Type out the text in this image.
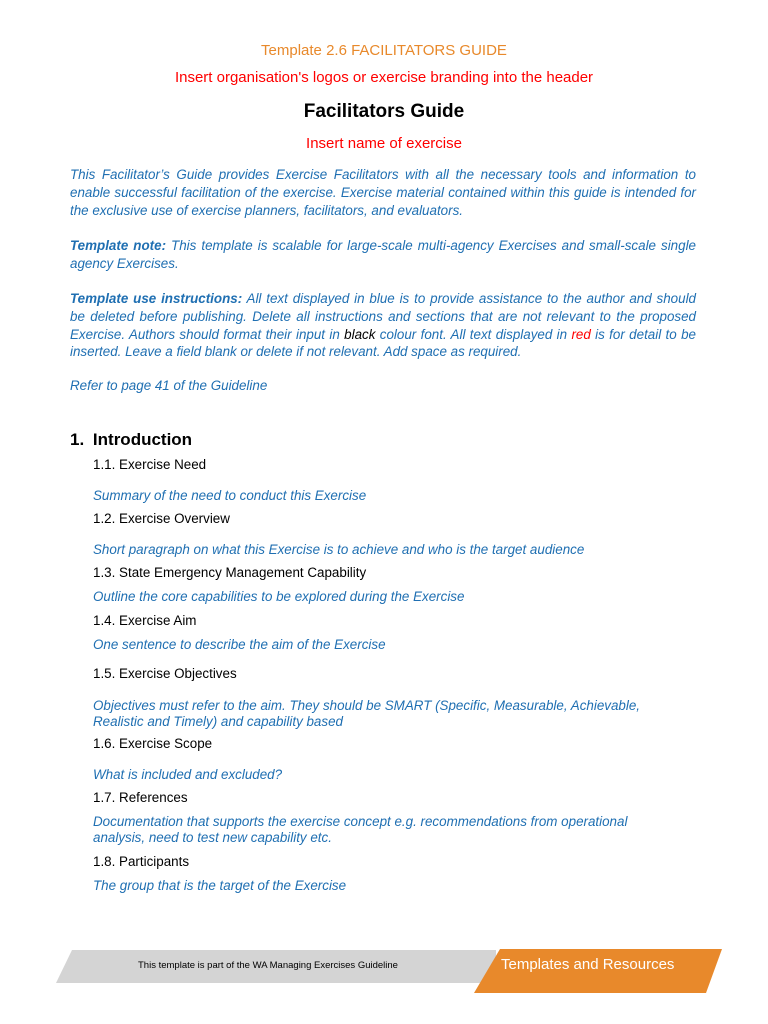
Template 2.6 FACILITATORS GUIDE
Insert organisation's logos or exercise branding into the header
Facilitators Guide
Insert name of exercise
This Facilitator’s Guide provides Exercise Facilitators with all the necessary tools and information to enable successful facilitation of the exercise. Exercise material contained within this guide is intended for the exclusive use of exercise planners, facilitators, and evaluators.
Template note: This template is scalable for large-scale multi-agency Exercises and small-scale single agency Exercises.
Template use instructions: All text displayed in blue is to provide assistance to the author and should be deleted before publishing. Delete all instructions and sections that are not relevant to the proposed Exercise. Authors should format their input in black colour font. All text displayed in red is for detail to be inserted. Leave a field blank or delete if not relevant. Add space as required.
Refer to page 41 of the Guideline
1. Introduction
1.1. Exercise Need
Summary of the need to conduct this Exercise
1.2. Exercise Overview
Short paragraph on what this Exercise is to achieve and who is the target audience
1.3. State Emergency Management Capability
Outline the core capabilities to be explored during the Exercise
1.4. Exercise Aim
One sentence to describe the aim of the Exercise
1.5. Exercise Objectives
Objectives must refer to the aim. They should be SMART (Specific, Measurable, Achievable, Realistic and Timely) and capability based
1.6. Exercise Scope
What is included and excluded?
1.7. References
Documentation that supports the exercise concept e.g. recommendations from operational analysis, need to test new capability etc.
1.8. Participants
The group that is the target of the Exercise
This template is part of the WA Managing Exercises Guideline	Templates and Resources
